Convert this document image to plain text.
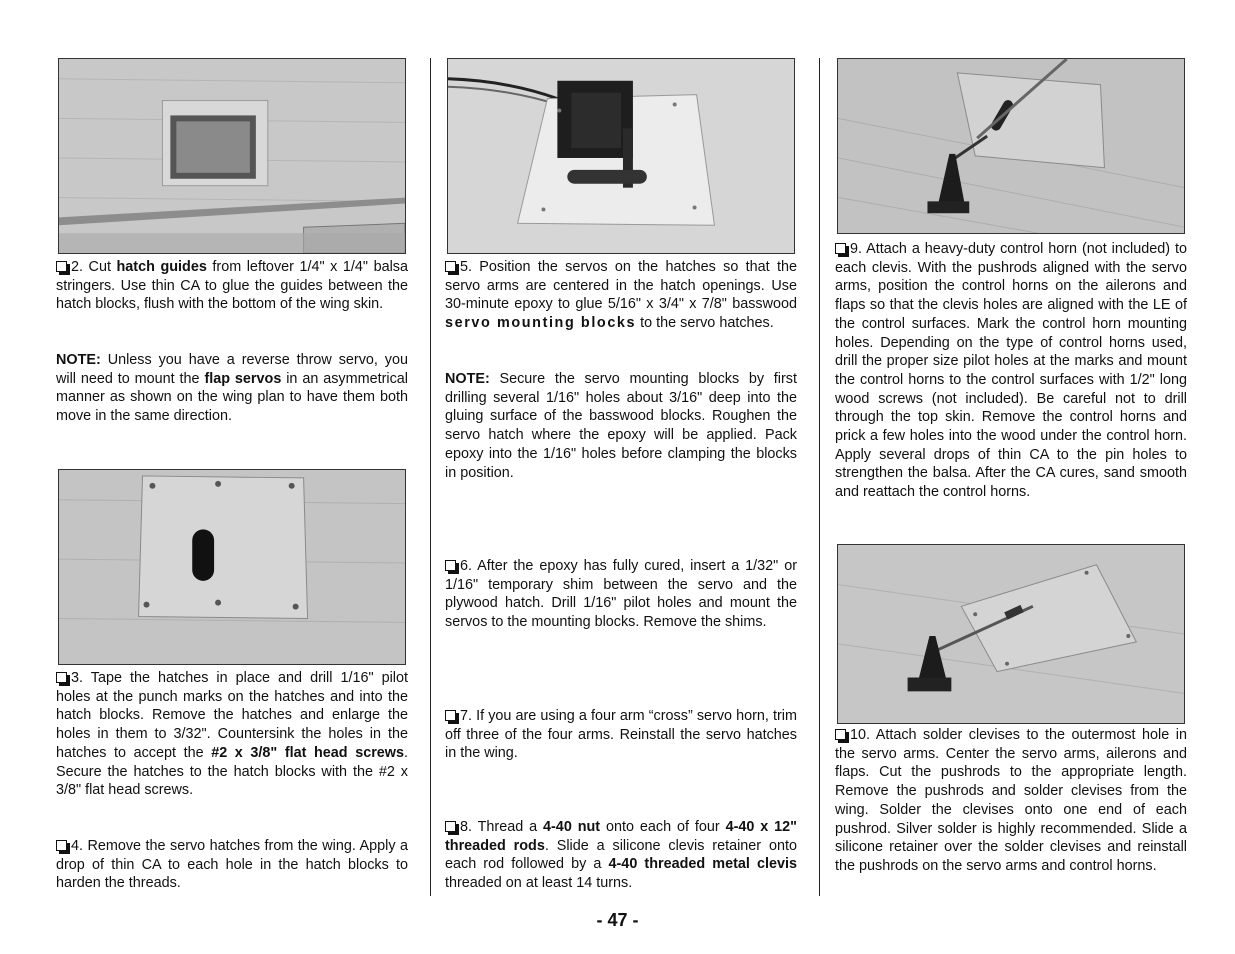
2. Cut hatch guides from leftover 1/4" x 1/4" balsa stringers. Use thin CA to glue the guides between the hatch blocks, flush with the bottom of the wing skin.

NOTE: Unless you have a reverse throw servo, you will need to mount the flap servos in an asymmetrical manner as shown on the wing plan to have them both move in the same direction.

3. Tape the hatches in place and drill 1/16" pilot holes at the punch marks on the hatches and into the hatch blocks. Remove the hatches and enlarge the holes in them to 3/32". Countersink the holes in the hatches to accept the #2 x 3/8" flat head screws. Secure the hatches to the hatch blocks with the #2 x 3/8" flat head screws.

4. Remove the servo hatches from the wing. Apply a drop of thin CA to each hole in the hatch blocks to harden the threads.

5. Position the servos on the hatches so that the servo arms are centered in the hatch openings. Use 30-minute epoxy to glue 5/16" x 3/4" x 7/8" basswood servo mounting blocks to the servo hatches.

NOTE: Secure the servo mounting blocks by first drilling several 1/16" holes about 3/16" deep into the gluing surface of the basswood blocks. Roughen the servo hatch where the epoxy will be applied. Pack epoxy into the 1/16" holes before clamping the blocks in position.

6. After the epoxy has fully cured, insert a 1/32" or 1/16" temporary shim between the servo and the plywood hatch. Drill 1/16" pilot holes and mount the servos to the mounting blocks. Remove the shims.

7. If you are using a four arm “cross” servo horn, trim off three of the four arms. Reinstall the servo hatches in the wing.

8. Thread a 4-40 nut onto each of four 4-40 x 12" threaded rods. Slide a silicone clevis retainer onto each rod followed by a 4-40 threaded metal clevis threaded on at least 14 turns.

9. Attach a heavy-duty control horn (not included) to each clevis. With the pushrods aligned with the servo arms, position the control horns on the ailerons and flaps so that the clevis holes are aligned with the LE of the control surfaces. Mark the control horn mounting holes. Depending on the type of control horns used, drill the proper size pilot holes at the marks and mount the control horns to the control surfaces with 1/2" long wood screws (not included). Be careful not to drill through the top skin. Remove the control horns and prick a few holes into the wood under the control horn. Apply several drops of thin CA to the pin holes to strengthen the balsa. After the CA cures, sand smooth and reattach the control horns.

10. Attach solder clevises to the outermost hole in the servo arms. Center the servo arms, ailerons and flaps. Cut the pushrods to the appropriate length. Remove the pushrods and solder clevises from the wing. Solder the clevises onto one end of each pushrod. Silver solder is highly recommended. Slide a silicone retainer over the solder clevises and reinstall the pushrods on the servo arms and control horns.

- 47 -
